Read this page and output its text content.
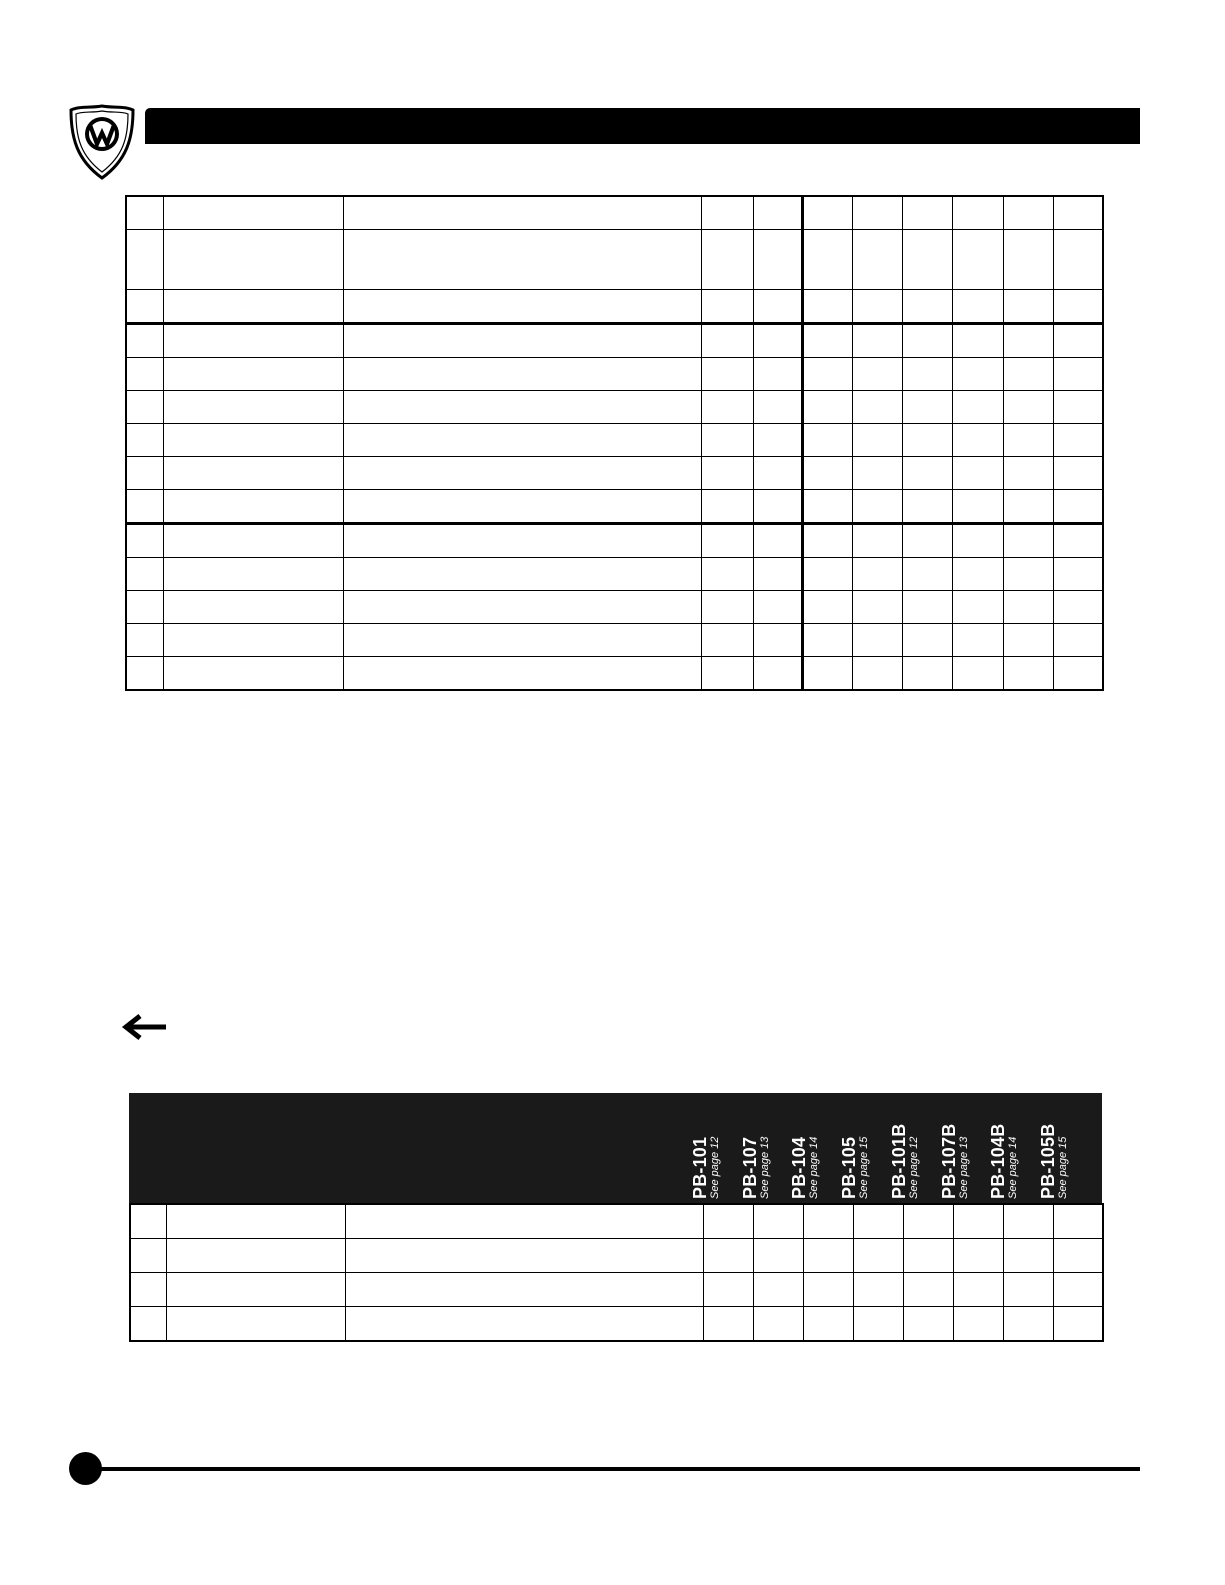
PB-101 See page 12 PB-107 See page 13 PB-104 See page 14 PB-105 See page 15 PB-101B See page 12 PB-107B See page 13 PB-104B See page 14 PB-105B See page 15
